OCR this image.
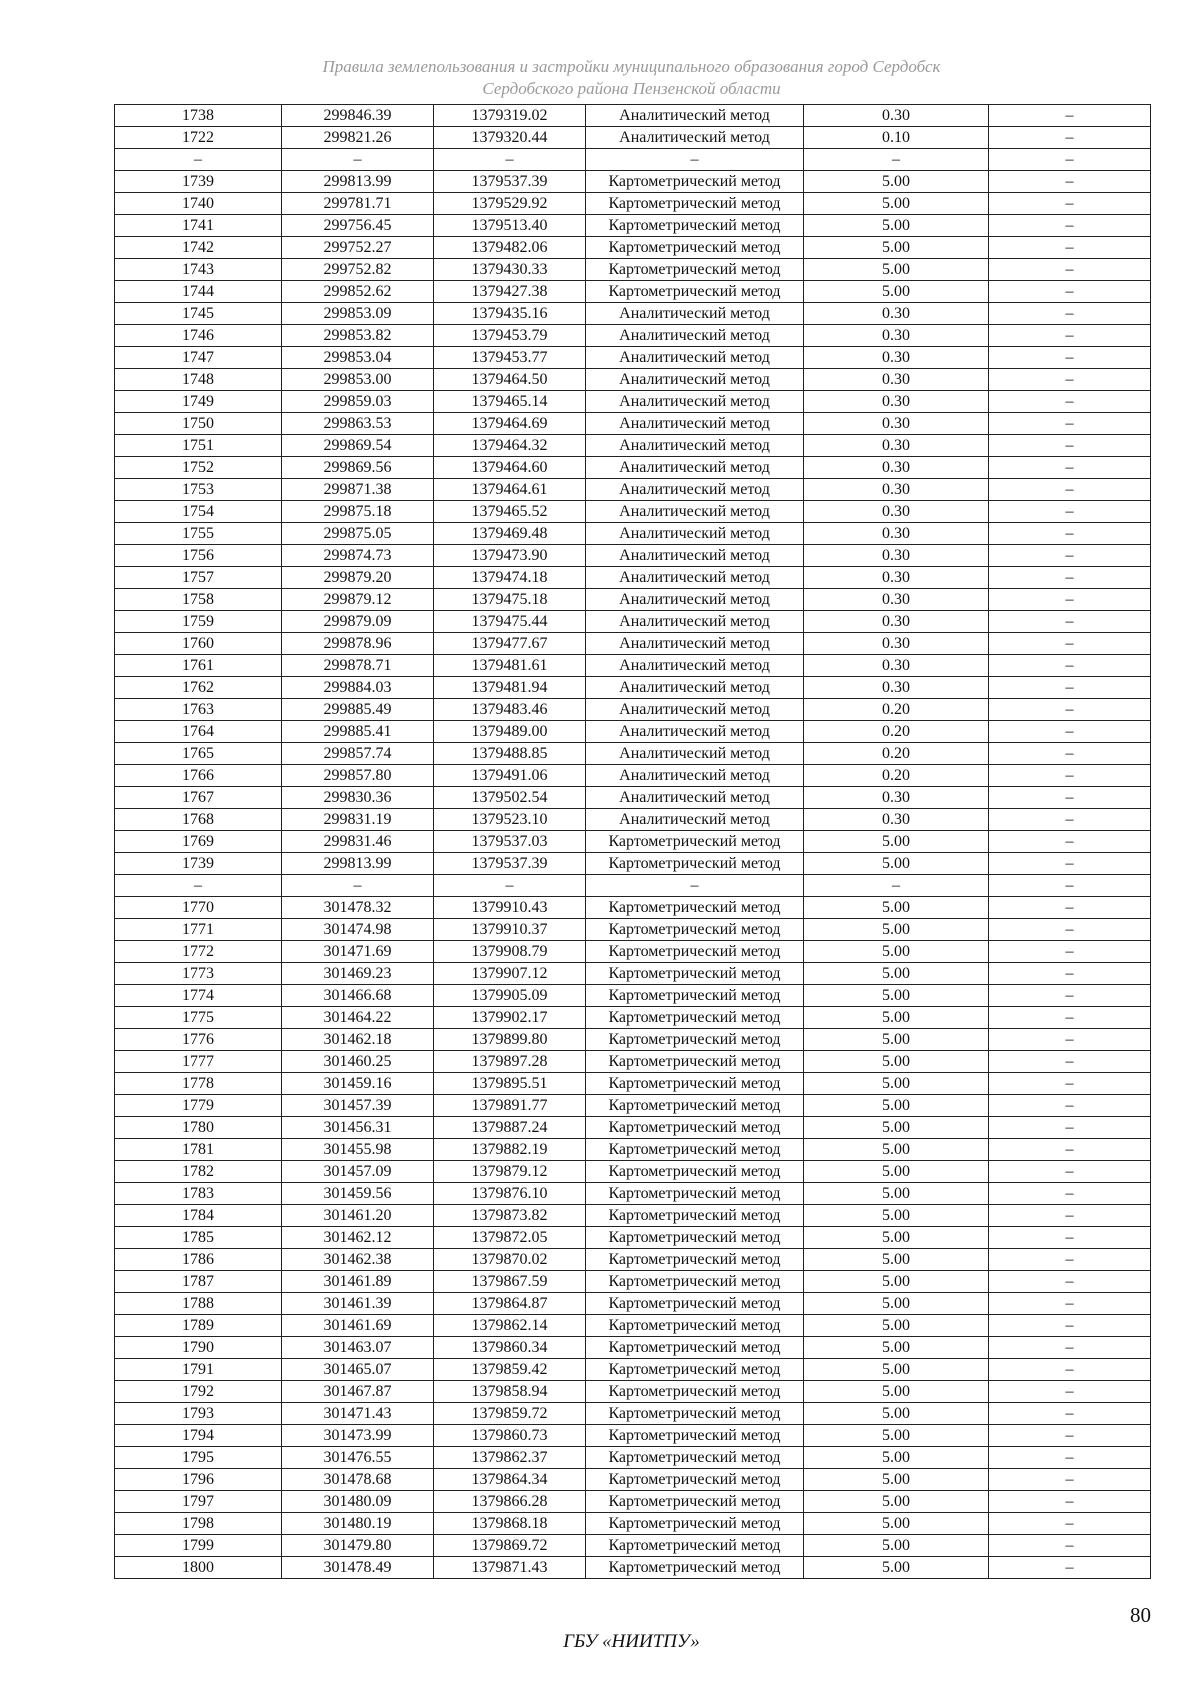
Правила землепользования и застройки муниципального образования город Сердобск
Сердобского района Пензенской области
1738	299846.39	1379319.02	Аналитический метод	0.30	–
1722	299821.26	1379320.44	Аналитический метод	0.10	–
–	–	–	–	–	–
1739	299813.99	1379537.39	Картометрический метод	5.00	–
1740	299781.71	1379529.92	Картометрический метод	5.00	–
1741	299756.45	1379513.40	Картометрический метод	5.00	–
1742	299752.27	1379482.06	Картометрический метод	5.00	–
1743	299752.82	1379430.33	Картометрический метод	5.00	–
1744	299852.62	1379427.38	Картометрический метод	5.00	–
1745	299853.09	1379435.16	Аналитический метод	0.30	–
1746	299853.82	1379453.79	Аналитический метод	0.30	–
1747	299853.04	1379453.77	Аналитический метод	0.30	–
1748	299853.00	1379464.50	Аналитический метод	0.30	–
1749	299859.03	1379465.14	Аналитический метод	0.30	–
1750	299863.53	1379464.69	Аналитический метод	0.30	–
1751	299869.54	1379464.32	Аналитический метод	0.30	–
1752	299869.56	1379464.60	Аналитический метод	0.30	–
1753	299871.38	1379464.61	Аналитический метод	0.30	–
1754	299875.18	1379465.52	Аналитический метод	0.30	–
1755	299875.05	1379469.48	Аналитический метод	0.30	–
1756	299874.73	1379473.90	Аналитический метод	0.30	–
1757	299879.20	1379474.18	Аналитический метод	0.30	–
1758	299879.12	1379475.18	Аналитический метод	0.30	–
1759	299879.09	1379475.44	Аналитический метод	0.30	–
1760	299878.96	1379477.67	Аналитический метод	0.30	–
1761	299878.71	1379481.61	Аналитический метод	0.30	–
1762	299884.03	1379481.94	Аналитический метод	0.30	–
1763	299885.49	1379483.46	Аналитический метод	0.20	–
1764	299885.41	1379489.00	Аналитический метод	0.20	–
1765	299857.74	1379488.85	Аналитический метод	0.20	–
1766	299857.80	1379491.06	Аналитический метод	0.20	–
1767	299830.36	1379502.54	Аналитический метод	0.30	–
1768	299831.19	1379523.10	Аналитический метод	0.30	–
1769	299831.46	1379537.03	Картометрический метод	5.00	–
1739	299813.99	1379537.39	Картометрический метод	5.00	–
–	–	–	–	–	–
1770	301478.32	1379910.43	Картометрический метод	5.00	–
1771	301474.98	1379910.37	Картометрический метод	5.00	–
1772	301471.69	1379908.79	Картометрический метод	5.00	–
1773	301469.23	1379907.12	Картометрический метод	5.00	–
1774	301466.68	1379905.09	Картометрический метод	5.00	–
1775	301464.22	1379902.17	Картометрический метод	5.00	–
1776	301462.18	1379899.80	Картометрический метод	5.00	–
1777	301460.25	1379897.28	Картометрический метод	5.00	–
1778	301459.16	1379895.51	Картометрический метод	5.00	–
1779	301457.39	1379891.77	Картометрический метод	5.00	–
1780	301456.31	1379887.24	Картометрический метод	5.00	–
1781	301455.98	1379882.19	Картометрический метод	5.00	–
1782	301457.09	1379879.12	Картометрический метод	5.00	–
1783	301459.56	1379876.10	Картометрический метод	5.00	–
1784	301461.20	1379873.82	Картометрический метод	5.00	–
1785	301462.12	1379872.05	Картометрический метод	5.00	–
1786	301462.38	1379870.02	Картометрический метод	5.00	–
1787	301461.89	1379867.59	Картометрический метод	5.00	–
1788	301461.39	1379864.87	Картометрический метод	5.00	–
1789	301461.69	1379862.14	Картометрический метод	5.00	–
1790	301463.07	1379860.34	Картометрический метод	5.00	–
1791	301465.07	1379859.42	Картометрический метод	5.00	–
1792	301467.87	1379858.94	Картометрический метод	5.00	–
1793	301471.43	1379859.72	Картометрический метод	5.00	–
1794	301473.99	1379860.73	Картометрический метод	5.00	–
1795	301476.55	1379862.37	Картометрический метод	5.00	–
1796	301478.68	1379864.34	Картометрический метод	5.00	–
1797	301480.09	1379866.28	Картометрический метод	5.00	–
1798	301480.19	1379868.18	Картометрический метод	5.00	–
1799	301479.80	1379869.72	Картометрический метод	5.00	–
1800	301478.49	1379871.43	Картометрический метод	5.00	–
80
ГБУ «НИИТПУ»
